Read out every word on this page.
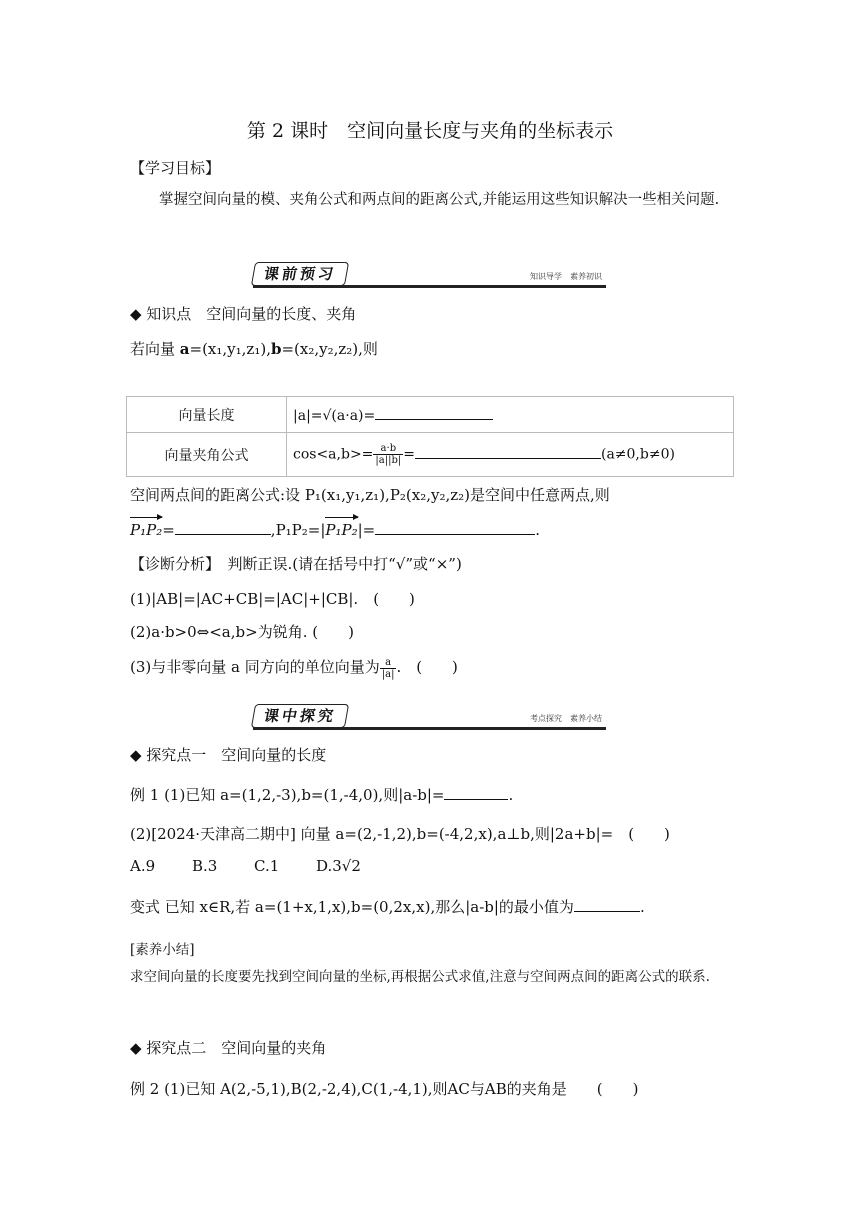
第 2 课时　空间向量长度与夹角的坐标表示
【学习目标】
掌握空间向量的模、夹角公式和两点间的距离公式,并能运用这些知识解决一些相关问题.
课前预习	知识导学　素养初识
◆ 知识点　空间向量的长度、夹角
若向量 a=(x₁,y₁,z₁),b=(x₂,y₂,z₂),则
向量长度	|a|=√(a·a)=
向量夹角公式	$\cos<a,b>= \frac{a\cdot b}{|a||b|} = (a\ne 0,b\ne 0)$
空间两点间的距离公式:设 P₁(x₁,y₁,z₁),P₂(x₂,y₂,z₂)是空间中任意两点,则
P₁P₂=	,P₁P₂=|P₁P₂|=	.
【诊断分析】　 判断正误.(请在括号中打“√”或“×”)
(1)|AB|=|AC+CB|=|AC|+|CB|.　(　　)
(2)a·b>0⇔<a,b>为锐角. (　　)
(3)与非零向量 a 同方向的单位向量为 $\frac{a}{|a|}$ .　(　　)
课中探究	考点探究　素养小结
◆ 探究点一　空间向量的长度
例 1 (1)已知 a=(1,2,-3),b=(1,-4,0),则|a-b|=	.
(2)[2024·天津高二期中] 向量 a=(2,-1,2),b=(-4,2,x),a⊥b,则|2a+b|=　(　　)
A.9 B.3 C.1 D.3√2
变式 已知 x∈R,若 a=(1+x,1,x),b=(0,2x,x),那么|a-b|的最小值为	.
[素养小结]
求空间向量的长度要先找到空间向量的坐标,再根据公式求值,注意与空间两点间的距离公式的联系.
◆ 探究点二　空间向量的夹角
例 2 (1)已知 A(2,-5,1),B(2,-2,4),C(1,-4,1),则AC与AB的夹角是　　(　　)
